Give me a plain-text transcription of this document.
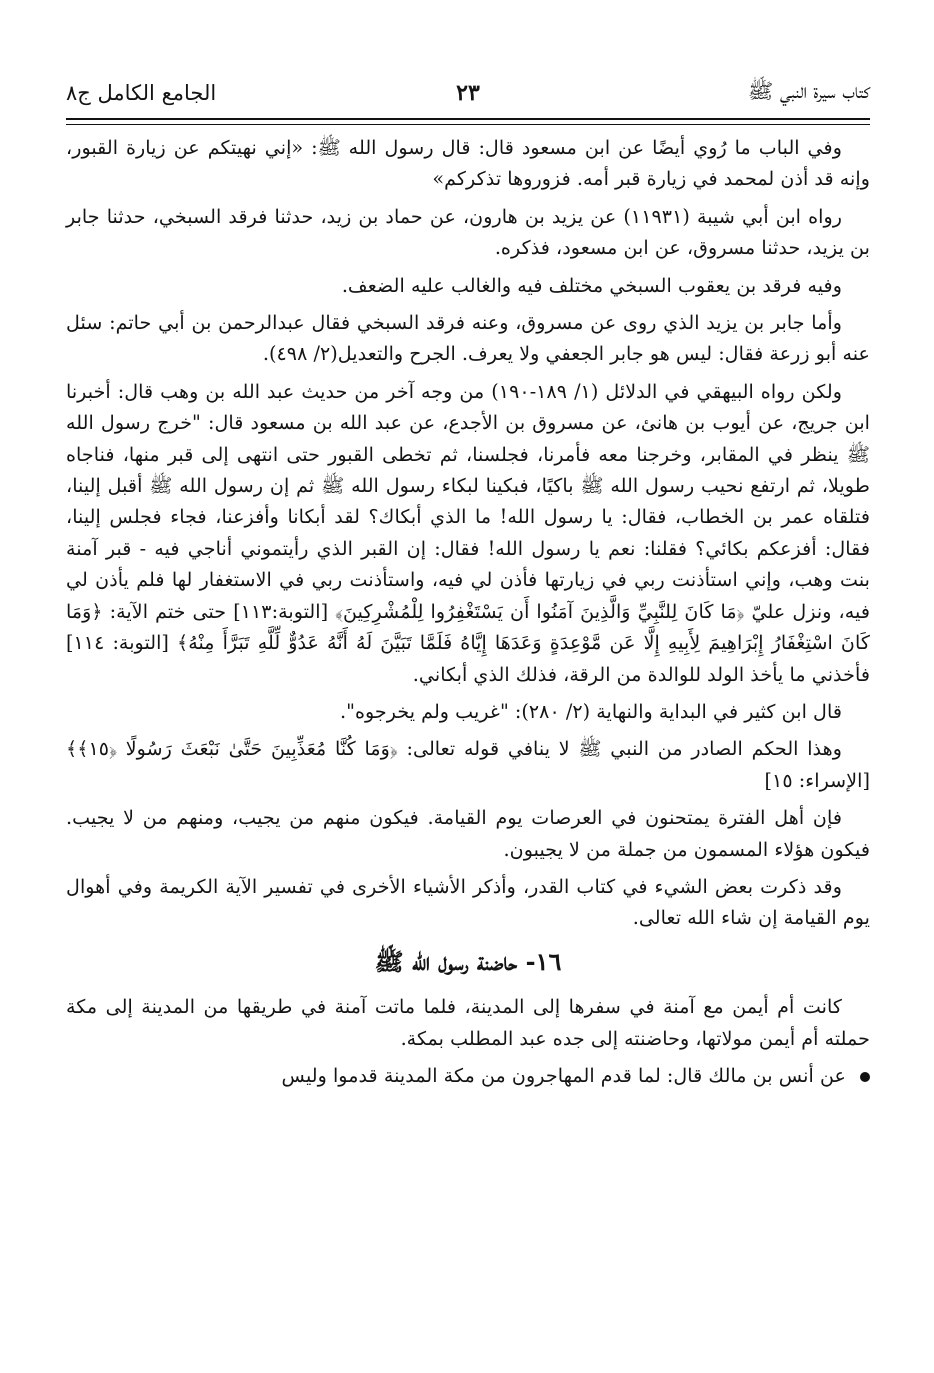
كتاب سيرة النبي ﷺ
٢٣
الجامع الكامل ج٨

وفي الباب ما رُوي أيضًا عن ابن مسعود قال: قال رسول الله ﷺ: «إني نهيتكم عن زيارة القبور، وإنه قد أذن لمحمد في زيارة قبر أمه. فزوروها تذكركم»

رواه ابن أبي شيبة (١١٩٣١) عن يزيد بن هارون، عن حماد بن زيد، حدثنا فرقد السبخي، حدثنا جابر بن يزيد، حدثنا مسروق، عن ابن مسعود، فذكره.

وفيه فرقد بن يعقوب السبخي مختلف فيه والغالب عليه الضعف.

وأما جابر بن يزيد الذي روى عن مسروق، وعنه فرقد السبخي فقال عبدالرحمن بن أبي حاتم: سئل عنه أبو زرعة فقال: ليس هو جابر الجعفي ولا يعرف. الجرح والتعديل(٢/ ٤٩٨).

ولكن رواه البيهقي في الدلائل (١/ ١٨٩-١٩٠) من وجه آخر من حديث عبد الله بن وهب قال: أخبرنا ابن جريج، عن أيوب بن هانئ، عن مسروق بن الأجدع، عن عبد الله بن مسعود قال: "خرج رسول الله ﷺ ينظر في المقابر، وخرجنا معه فأمرنا، فجلسنا، ثم تخطى القبور حتى انتهى إلى قبر منها، فناجاه طويلا، ثم ارتفع نحيب رسول الله ﷺ باكيًا، فبكينا لبكاء رسول الله ﷺ ثم إن رسول الله ﷺ أقبل إلينا، فتلقاه عمر بن الخطاب، فقال: يا رسول الله! ما الذي أبكاك؟ لقد أبكانا وأفزعنا، فجاء فجلس إلينا، فقال: أفزعكم بكائي؟ فقلنا: نعم يا رسول الله! فقال: إن القبر الذي رأيتموني أناجي فيه - قبر آمنة بنت وهب، وإني استأذنت ربي في زيارتها فأذن لي فيه، واستأذنت ربي في الاستغفار لها فلم يأذن لي فيه، ونزل عليّ ﴿مَا كَانَ لِلنَّبِيِّ وَالَّذِينَ آمَنُوا أَن يَسْتَغْفِرُوا لِلْمُشْرِكِينَ﴾ [التوبة:١١٣] حتى ختم الآية: ﴿وَمَا كَانَ اسْتِغْفَارُ إِبْرَاهِيمَ لِأَبِيهِ إِلَّا عَن مَّوْعِدَةٍ وَعَدَهَا إِيَّاهُ فَلَمَّا تَبَيَّنَ لَهُ أَنَّهُ عَدُوٌّ لِّلَّهِ تَبَرَّأَ مِنْهُ﴾ [التوبة: ١١٤] فأخذني ما يأخذ الولد للوالدة من الرقة، فذلك الذي أبكاني.

قال ابن كثير في البداية والنهاية (٢/ ٢٨٠): "غريب ولم يخرجوه".

وهذا الحكم الصادر من النبي ﷺ لا ينافي قوله تعالى: ﴿وَمَا كُنَّا مُعَذِّبِينَ حَتَّىٰ نَبْعَثَ رَسُولًا ﴿١٥﴾﴾ [الإسراء: ١٥]

فإن أهل الفترة يمتحنون في العرصات يوم القيامة. فيكون منهم من يجيب، ومنهم من لا يجيب. فيكون هؤلاء المسمون من جملة من لا يجيبون.

وقد ذكرت بعض الشيء في كتاب القدر، وأذكر الأشياء الأخرى في تفسير الآية الكريمة وفي أهوال يوم القيامة إن شاء الله تعالى.

١٦- حاضنة رسول الله ﷺ

كانت أم أيمن مع آمنة في سفرها إلى المدينة، فلما ماتت آمنة في طريقها من المدينة إلى مكة حملته أم أيمن مولاتها، وحاضنته إلى جده عبد المطلب بمكة.

عن أنس بن مالك قال: لما قدم المهاجرون من مكة المدينة قدموا وليس
